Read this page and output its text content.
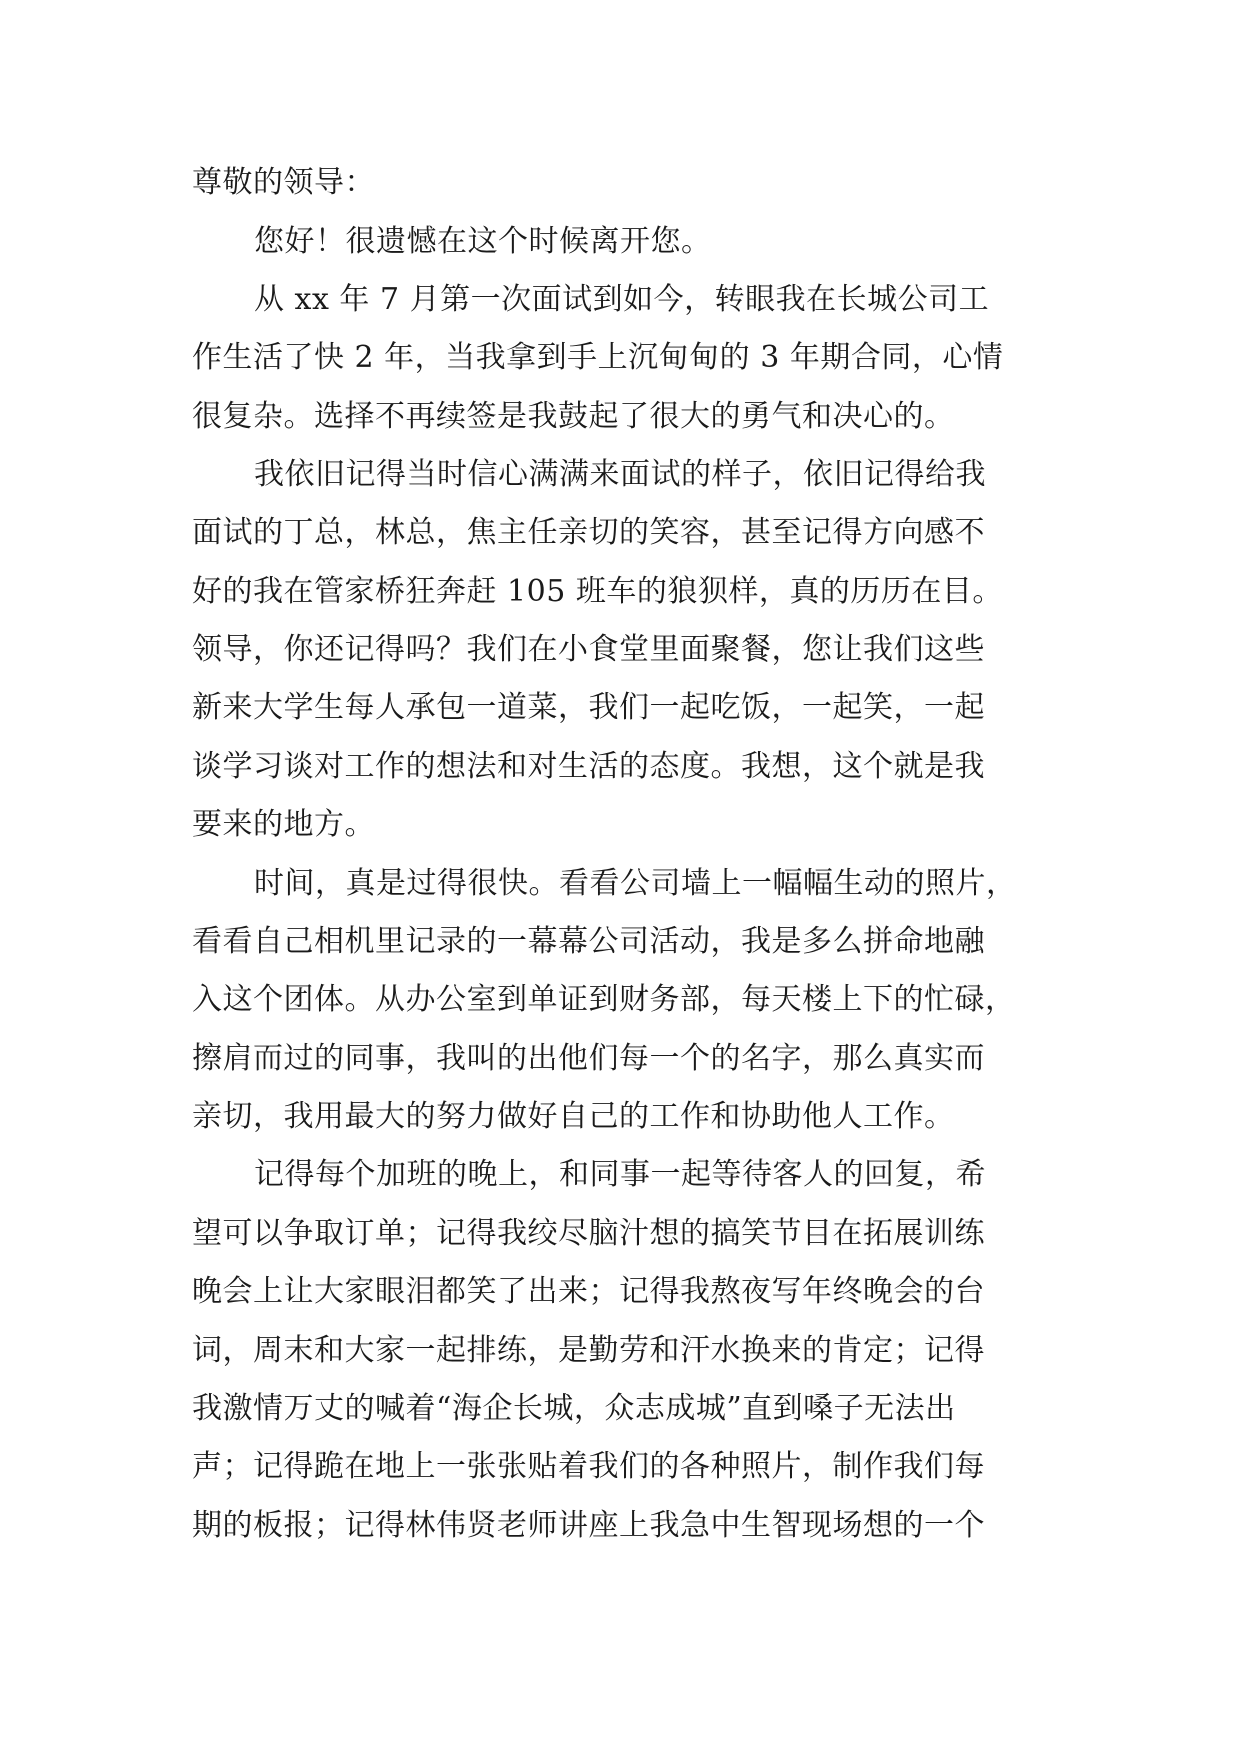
尊敬的领导：
您好！很遗憾在这个时候离开您。
从 xx 年 7 月第一次面试到如今，转眼我在长城公司工
作生活了快 2 年，当我拿到手上沉甸甸的 3 年期合同，心情
很复杂。选择不再续签是我鼓起了很大的勇气和决心的。
我依旧记得当时信心满满来面试的样子，依旧记得给我
面试的丁总，林总，焦主任亲切的笑容，甚至记得方向感不
好的我在管家桥狂奔赶 105 班车的狼狈样，真的历历在目。
领导，你还记得吗？我们在小食堂里面聚餐，您让我们这些
新来大学生每人承包一道菜，我们一起吃饭，一起笑，一起
谈学习谈对工作的想法和对生活的态度。我想，这个就是我
要来的地方。
时间，真是过得很快。看看公司墙上一幅幅生动的照片，
看看自己相机里记录的一幕幕公司活动，我是多么拼命地融
入这个团体。从办公室到单证到财务部，每天楼上下的忙碌，
擦肩而过的同事，我叫的出他们每一个的名字，那么真实而
亲切，我用最大的努力做好自己的工作和协助他人工作。
记得每个加班的晚上，和同事一起等待客人的回复，希
望可以争取订单；记得我绞尽脑汁想的搞笑节目在拓展训练
晚会上让大家眼泪都笑了出来；记得我熬夜写年终晚会的台
词，周末和大家一起排练，是勤劳和汗水换来的肯定；记得
我激情万丈的喊着“海企长城，众志成城”直到嗓子无法出
声；记得跪在地上一张张贴着我们的各种照片，制作我们每
期的板报；记得林伟贤老师讲座上我急中生智现场想的一个
